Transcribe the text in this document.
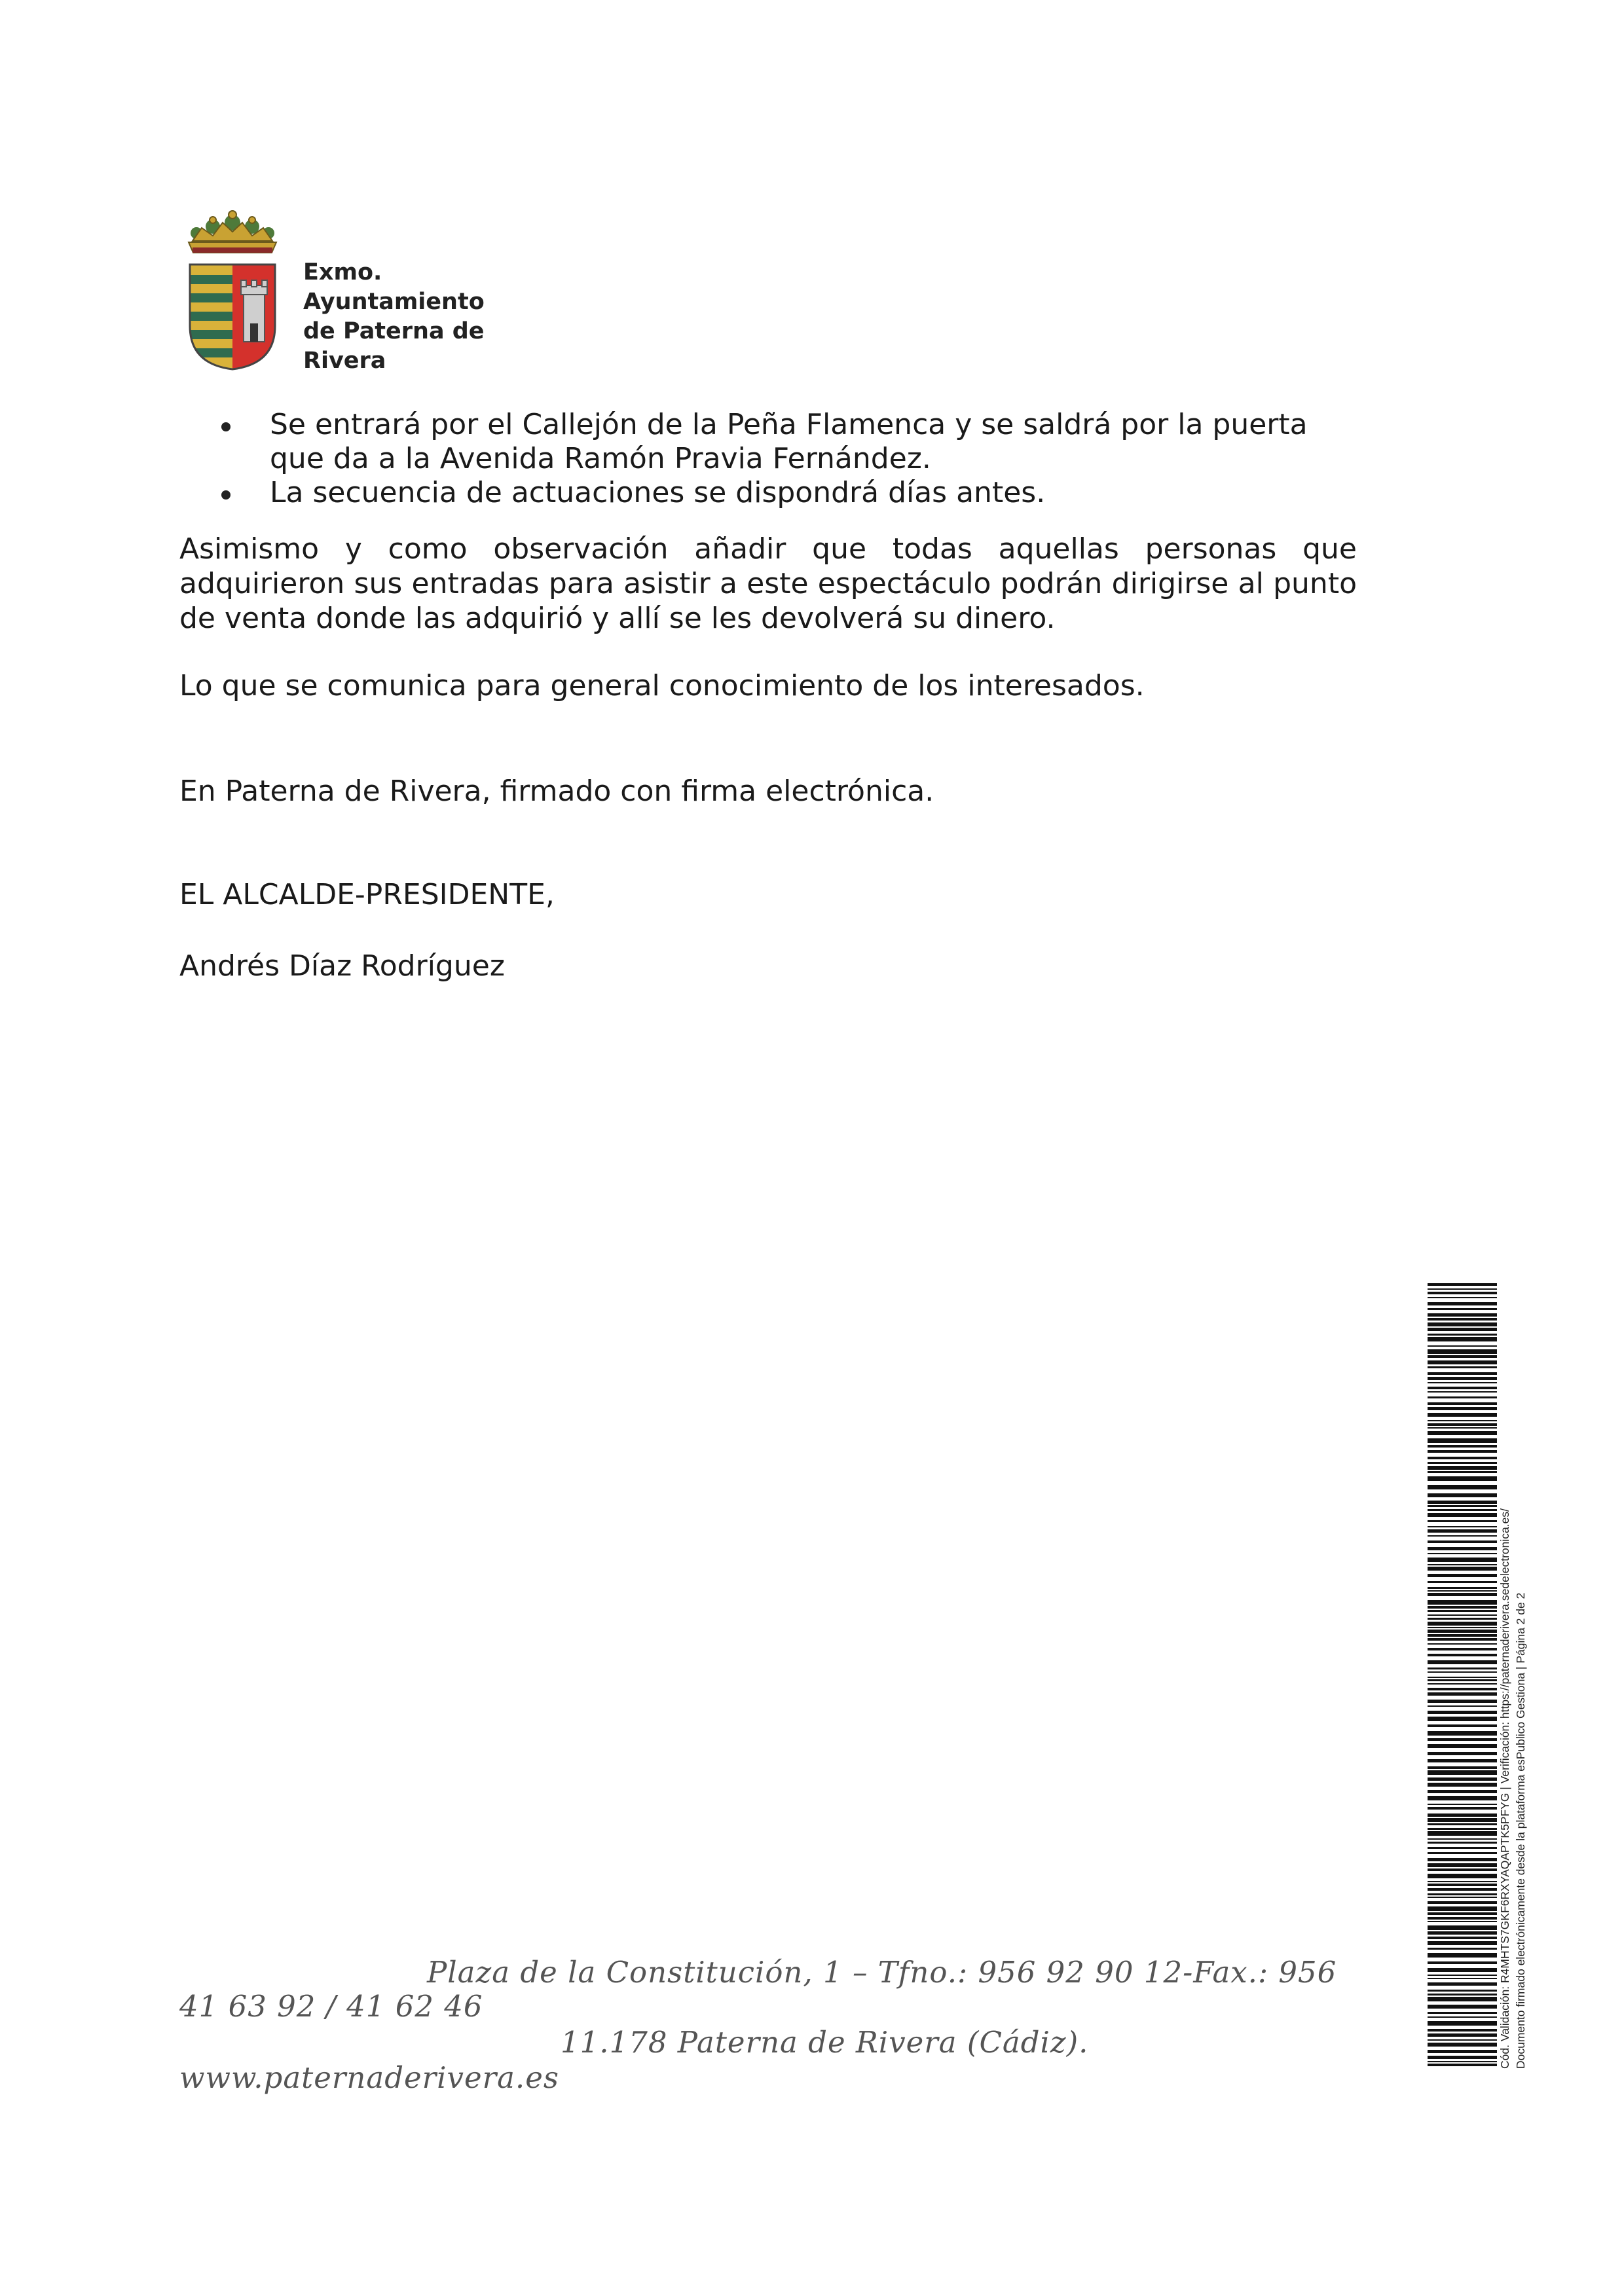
Exmo.
Ayuntamiento
de Paterna de
Rivera
Se entrará por el Callejón de la Peña Flamenca y se saldrá por la puerta que da a la Avenida Ramón Pravia Fernández.
La secuencia de actuaciones se dispondrá días antes.
Asimismo y como observación añadir que todas aquellas personas que adquirieron sus entradas para asistir a este espectáculo podrán dirigirse al punto de venta donde las adquirió y allí se les devolverá su dinero.
Lo que se comunica para general conocimiento de los interesados.
En Paterna de Rivera, firmado con firma electrónica.
EL ALCALDE-PRESIDENTE,
Andrés Díaz Rodríguez
Plaza de la Constitución, 1 – Tfno.: 956 92 90 12-Fax.: 956
41 63 92 / 41 62 46
11.178 Paterna de Rivera (Cádiz).
www.paternaderivera.es
Cód. Validación: R4MHTS7GKF6RXYAQAPTK5PFYG | Verificación: https://paternaderivera.sedelectronica.es/ Documento firmado electrónicamente desde la plataforma esPublico Gestiona | Página 2 de 2
